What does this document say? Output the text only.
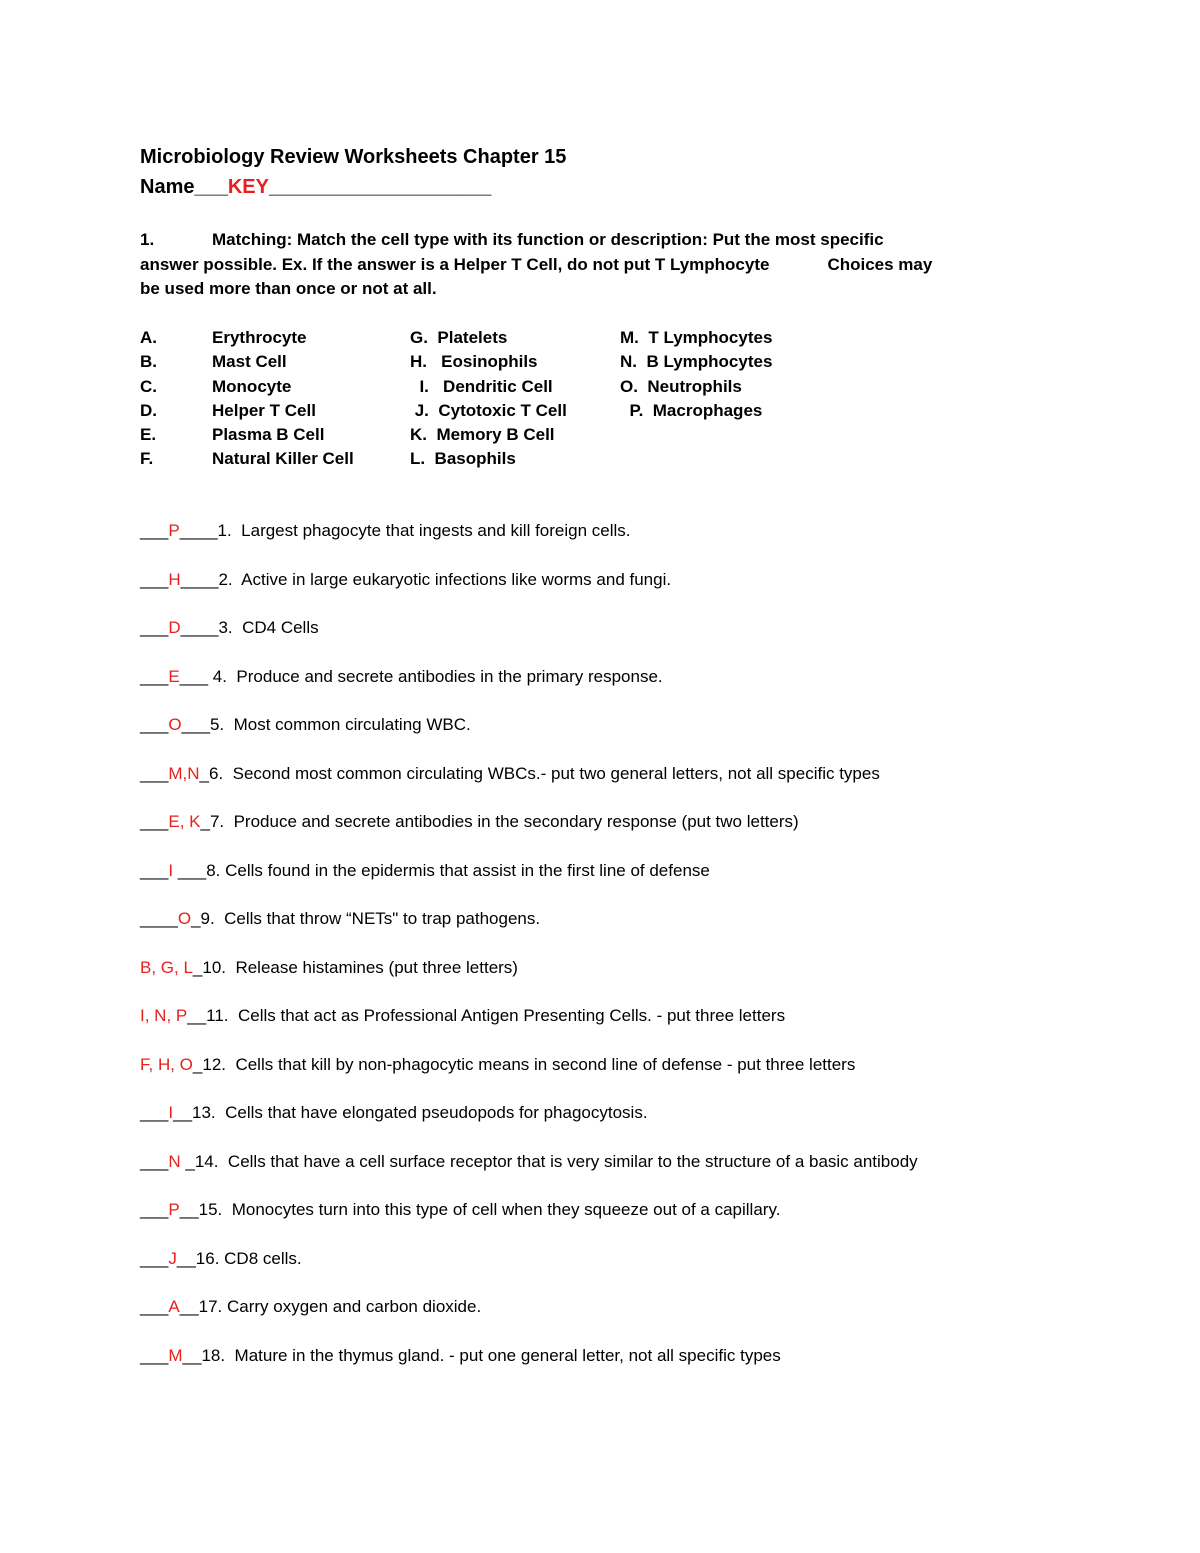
Microbiology Review Worksheets Chapter 15
Name___KEY____________________
1.	Matching: Match the cell type with its function or description: Put the most specific
answer possible. Ex. If the answer is a Helper T Cell, do not put T Lymphocyte	Choices may
be used more than once or not at all.
A.	Erythrocyte	G.  Platelets	M.  T Lymphocytes
B.	Mast Cell	H.   Eosinophils	N.  B Lymphocytes
C.	Monocyte	I.   Dendritic Cell	O.  Neutrophils
D.	Helper T Cell	J.  Cytotoxic T Cell	P.  Macrophages
E.	Plasma B Cell	K.  Memory B Cell
F.	Natural Killer Cell	L.  Basophils
___P____1.  Largest phagocyte that ingests and kill foreign cells.
___H____2.  Active in large eukaryotic infections like worms and fungi.
___D____3.  CD4 Cells
___E___ 4.  Produce and secrete antibodies in the primary response.
___O___5.  Most common circulating WBC.
___M,N_6.  Second most common circulating WBCs.- put two general letters, not all specific types
___E, K_7.  Produce and secrete antibodies in the secondary response (put two letters)
___I ___8. Cells found in the epidermis that assist in the first line of defense
____O_9.  Cells that throw “NETs" to trap pathogens.
B, G, L_10.  Release histamines (put three letters)
I, N, P__11.  Cells that act as Professional Antigen Presenting Cells. - put three letters
F, H, O_12.  Cells that kill by non-phagocytic means in second line of defense - put three letters
___I__13.  Cells that have elongated pseudopods for phagocytosis.
___N _14.  Cells that have a cell surface receptor that is very similar to the structure of a basic antibody
___P__15.  Monocytes turn into this type of cell when they squeeze out of a capillary.
___J__16. CD8 cells.
___A__17. Carry oxygen and carbon dioxide.
___M__18.  Mature in the thymus gland. - put one general letter, not all specific types
